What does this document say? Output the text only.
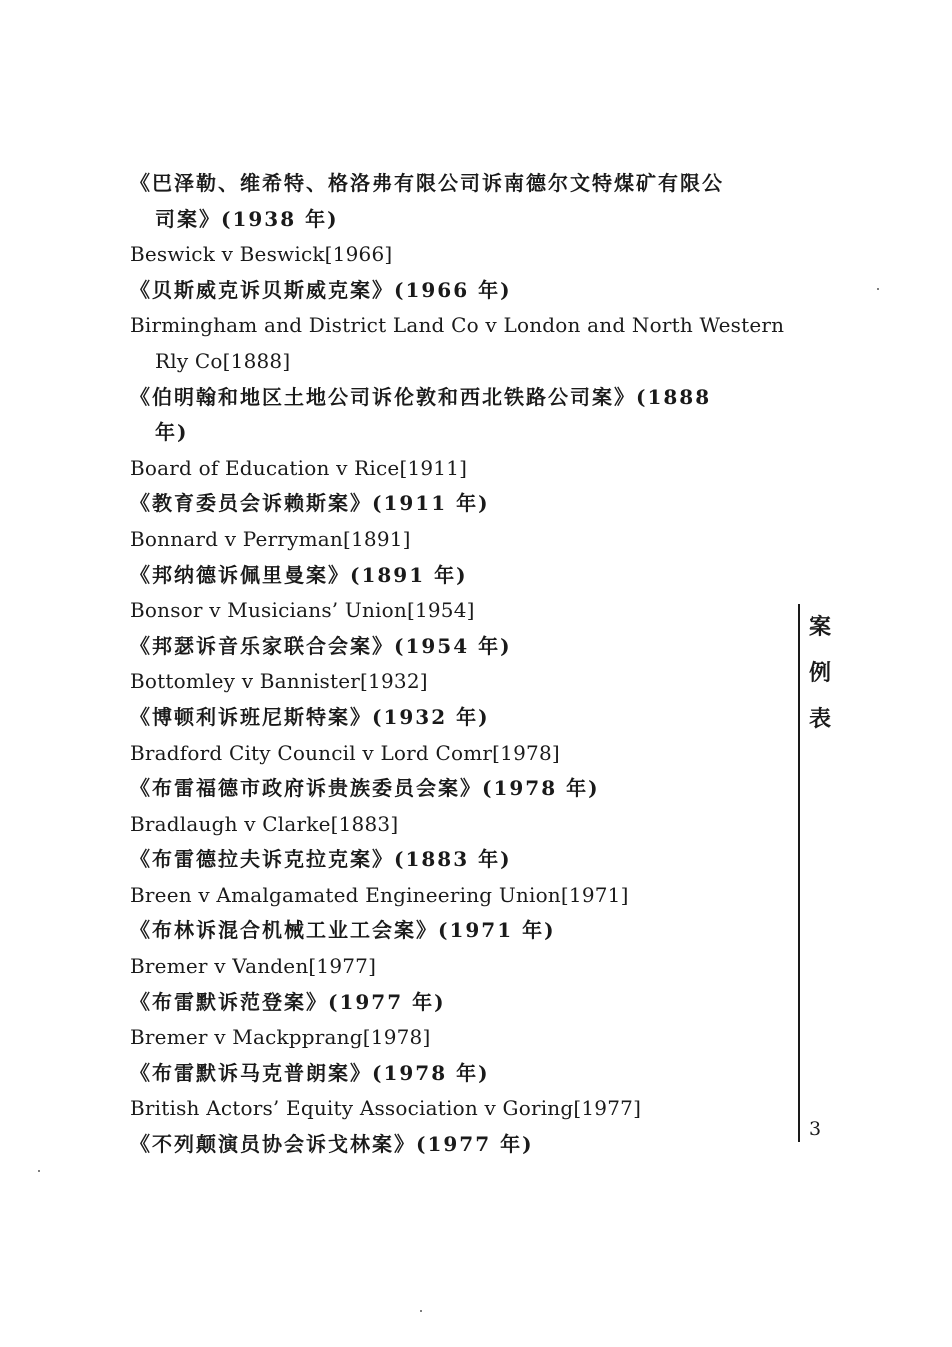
《巴泽勒、维希特、格洛弗有限公司诉南德尔文特煤矿有限公
司案》(1938 年)
Beswick v Beswick[1966]
《贝斯威克诉贝斯威克案》(1966 年)
Birmingham and District Land Co v London and North Western
Rly Co[1888]
《伯明翰和地区土地公司诉伦敦和西北铁路公司案》(1888
年)
Board of Education v Rice[1911]
《教育委员会诉赖斯案》(1911 年)
Bonnard v Perryman[1891]
《邦纳德诉佩里曼案》(1891 年)
Bonsor v Musicians’ Union[1954]
《邦瑟诉音乐家联合会案》(1954 年)
Bottomley v Bannister[1932]
《博顿利诉班尼斯特案》(1932 年)
Bradford City Council v Lord Comr[1978]
《布雷福德市政府诉贵族委员会案》(1978 年)
Bradlaugh v Clarke[1883]
《布雷德拉夫诉克拉克案》(1883 年)
Breen v Amalgamated Engineering Union[1971]
《布林诉混合机械工业工会案》(1971 年)
Bremer v Vanden[1977]
《布雷默诉范登案》(1977 年)
Bremer v Mackpprang[1978]
《布雷默诉马克普朗案》(1978 年)
British Actors’ Equity Association v Goring[1977]
《不列颠演员协会诉戈林案》(1977 年)
案
例
表
3
